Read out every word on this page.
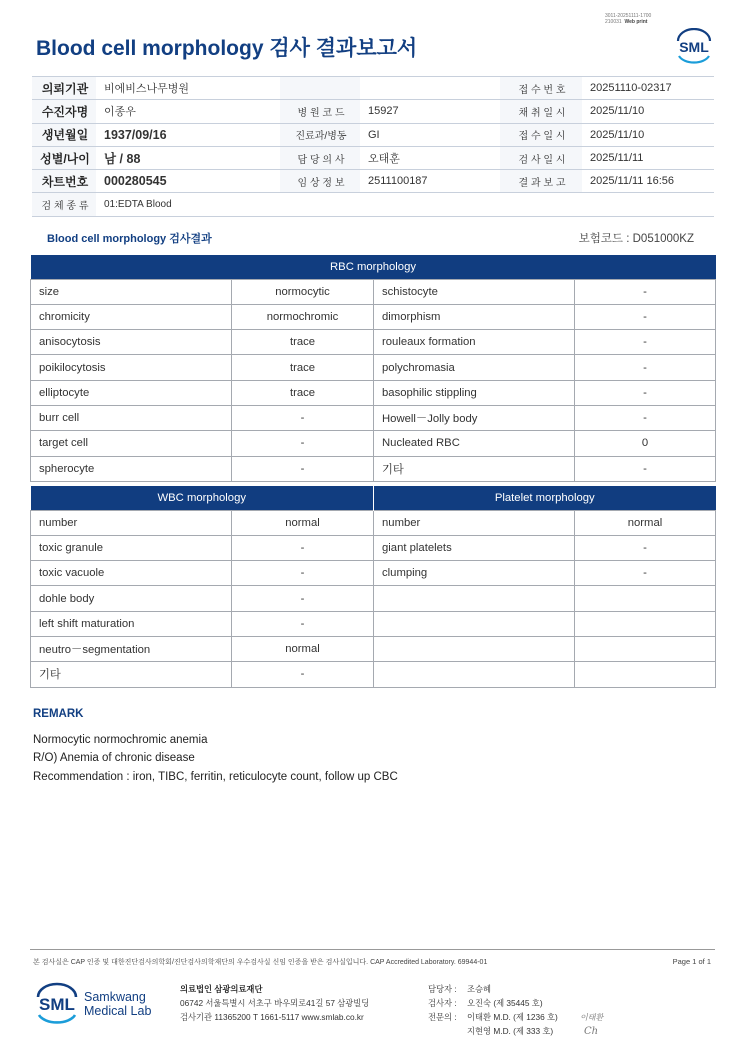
3011-20251111-1700
210031 Web print
Blood cell morphology 검사 결과보고서	SML
의뢰기관	비에비스나무병원			접 수 번 호	20251110-02317
수진자명	이종우	병 원 코 드	15927	채 취 일 시	2025/11/10
생년월일	1937/09/16	진료과/병동	GI	접 수 일 시	2025/11/10
성별/나이	남 / 88	담 당 의 사	오태훈	검 사 일 시	2025/11/11
차트번호	000280545	임 상 정 보	2511100187	결 과 보 고	2025/11/11 16:56
검 체 종 류	01:EDTA Blood				
Blood cell morphology 검사결과	보험코드 : D051000KZ
RBC morphology			
size	normocytic	schistocyte	-
chromicity	normochromic	dimorphism	-
anisocytosis	trace	rouleaux formation	-
poikilocytosis	trace	polychromasia	-
elliptocyte	trace	basophilic stippling	-
burr cell	-	Howell－Jolly body	-
target cell	-	Nucleated RBC	0
spherocyte	-	기타	-
WBC morphology		Platelet morphology	
number	normal	number	normal
toxic granule	-	giant platelets	-
toxic vacuole	-	clumping	-
dohle body	-		
left shift maturation	-		
neutro－segmentation	normal		
기타	-		
REMARK
Normocytic normochromic anemia
R/O) Anemia of chronic disease
Recommendation : iron, TIBC, ferritin, reticulocyte count, follow up CBC
본 검사실은 CAP 인증 및 대한진단검사의학회/진단검사의학재단의 우수검사실 신임 인증을 받은 검사실입니다. CAP Accredited Laboratory. 69944-01	Page 1 of 1
SML Samkwang
Medical Lab
의료법인 삼광의료재단
06742 서울특별시 서초구 바우뫼로41길 57 삼광빌딩
검사기관 11365200 T 1661-5117 www.smlab.co.kr
담당자 :	조승혜
검사자 :	오진숙 (제 35445 호)
전문의 :	이태환 M.D. (제 1236 호)
지현영 M.D. (제 333 호)
이태환
Ch
